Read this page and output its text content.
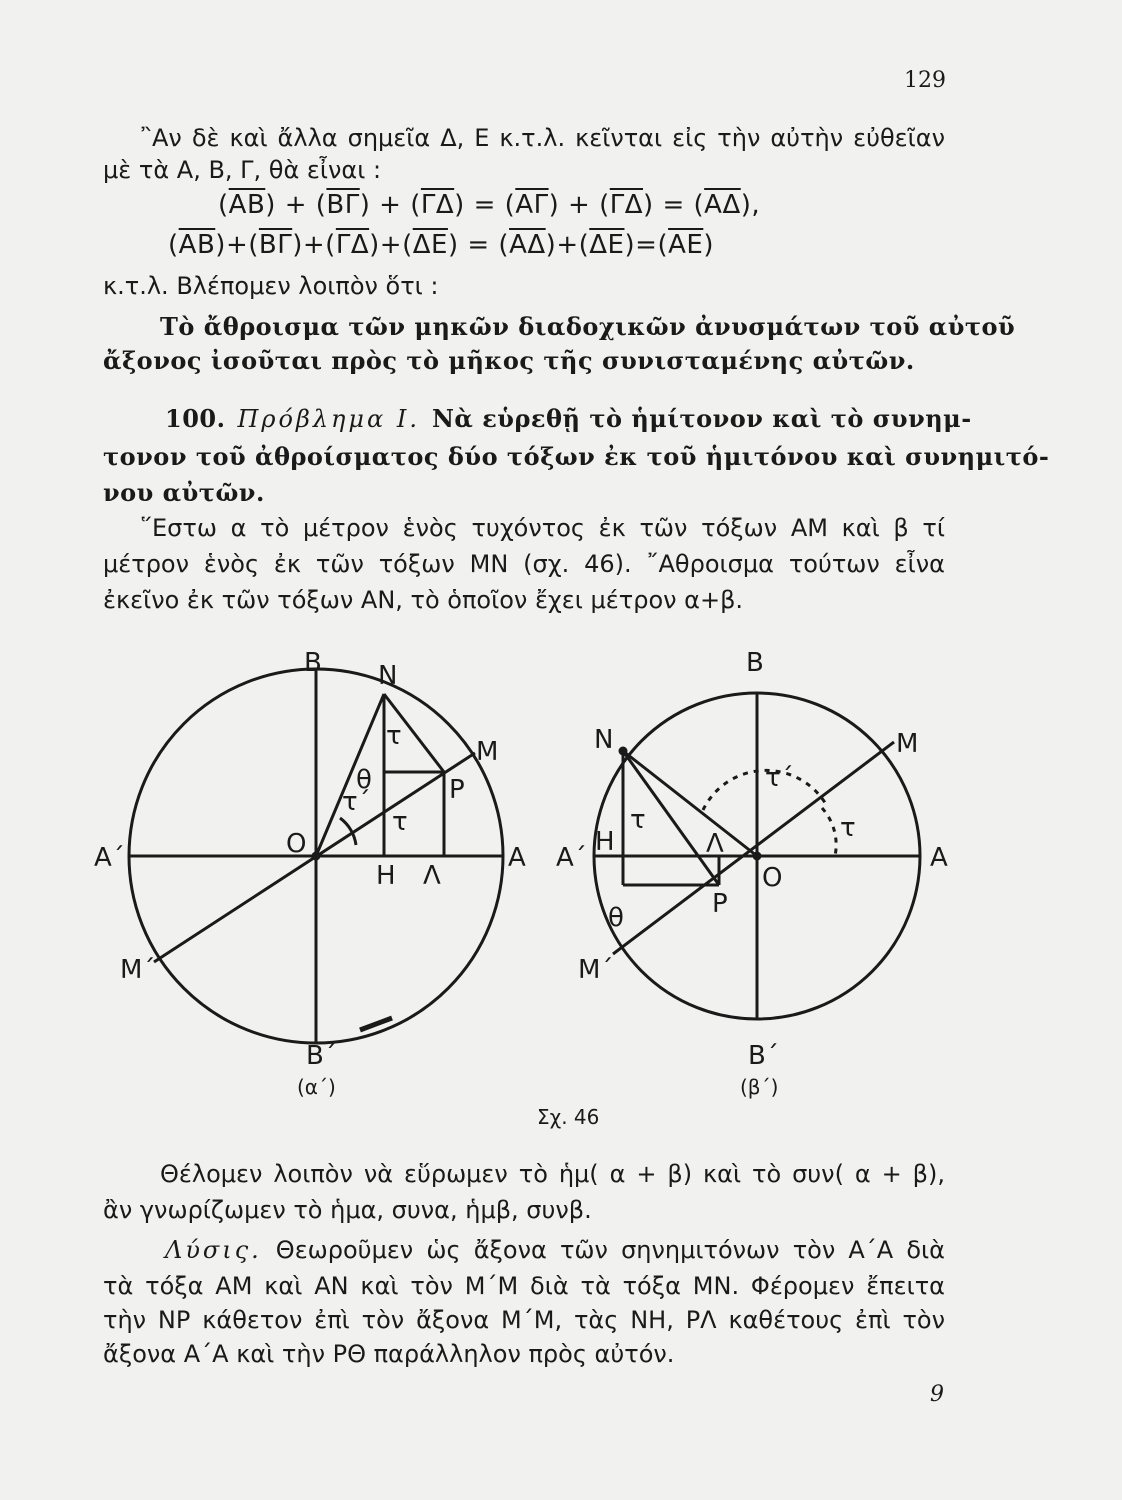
129
῍Αν δὲ καὶ ἄλλα σημεῖα Δ, Ε κ.τ.λ. κεῖνται εἰς τὴν αὐτὴν εὐθεῖαν
μὲ τὰ Α, Β, Γ, θὰ εἶναι :
$(\overline{AB}) + (\overline{B\Gamma}) + (\overline{\Gamma\Delta}) = (\overline{A\Gamma}) + (\overline{\Gamma\Delta}) = (\overline{A\Delta})$,
$(\overline{AB})+(\overline{B\Gamma})+(\overline{\Gamma\Delta})+(\overline{\Delta E}) = (\overline{A\Delta})+(\overline{\Delta E})=(\overline{AE})$
κ.τ.λ. Βλέπομεν λοιπὸν ὅτι :
Τὸ ἄθροισμα τῶν μηκῶν διαδοχικῶν ἀνυσμάτων τοῦ αὐτοῦ
ἄξονος ἰσοῦται πρὸς τὸ μῆκος τῆς συνισταμένης αὐτῶν.
100. Πρόβλημα Ι. Νὰ εὑρεθῇ τὸ ἡμίτονον καὶ τὸ συνημ-
τονον τοῦ ἀθροίσματος δύο τόξων ἐκ τοῦ ἡμιτόνου καὶ συνημιτό-
νου αὐτῶν.
῞Εστω α τὸ μέτρον ἑνὸς τυχόντος ἐκ τῶν τόξων ΑΜ καὶ β τί
μέτρον ἑνὸς ἐκ τῶν τόξων ΜΝ (σχ. 46). ῎Αθροισμα τούτων εἶνα
ἐκεῖνο ἐκ τῶν τόξων ΑΝ, τὸ ὁποῖον ἔχει μέτρον α+β.
Β Ν
Μ
Ρ
Ο	Α
Α΄
Η Λ
Μ΄
Β΄
τ
τ
τ΄
θ
(α΄)
Β
Ν	Μ
Ρ
Ο
Α
Α΄
Η	Λ
Μ΄
Β΄
τ	τ
τ΄
θ
(β΄)
Σχ. 46
Θέλομεν λοιπὸν νὰ εὕρωμεν τὸ ἡμ( α + β) καὶ τὸ συν( α + β),
ἂν γνωρίζωμεν τὸ ἡμα, συνα, ἡμβ, συνβ.
Λύσις. Θεωροῦμεν ὡς ἄξονα τῶν σηνημιτόνων τὸν Α΄Α διὰ
τὰ τόξα ΑΜ καὶ ΑΝ καὶ τὸν Μ΄Μ διὰ τὰ τόξα ΜΝ. Φέρομεν ἔπειτα
τὴν ΝΡ κάθετον ἐπὶ τὸν ἄξονα Μ΄Μ, τὰς ΝΗ, ΡΛ καθέτους ἐπὶ τὸν
ἄξονα Α΄Α καὶ τὴν ΡΘ παράλληλον πρὸς αὐτόν.
9
